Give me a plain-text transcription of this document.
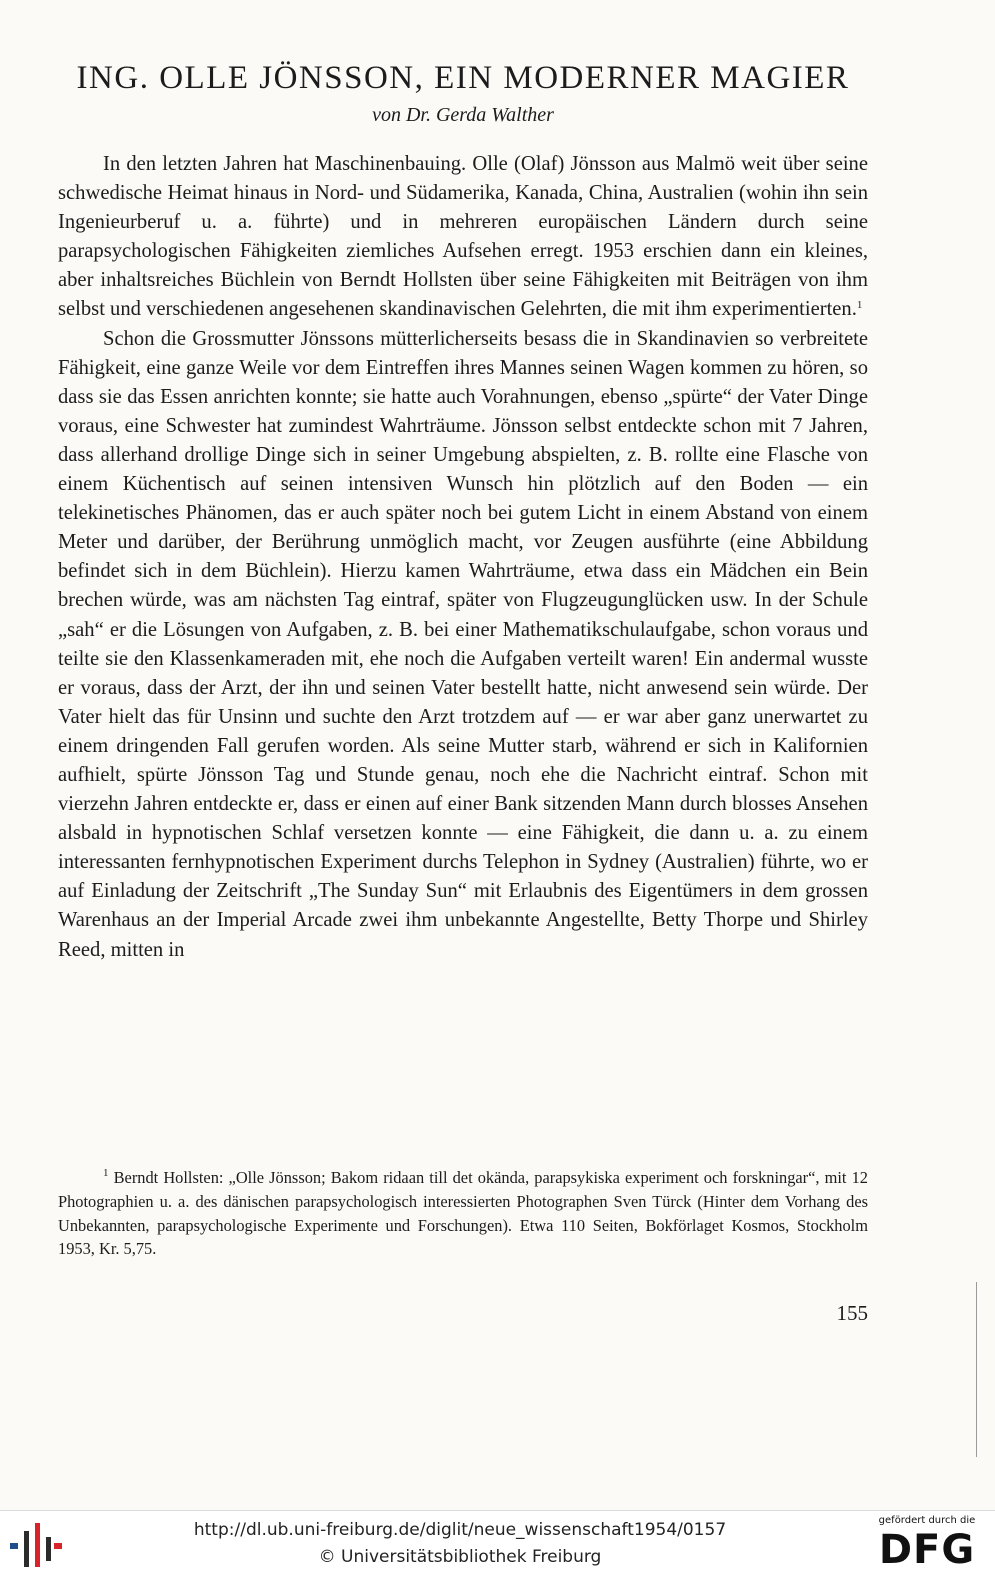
ING. OLLE JÖNSSON, EIN MODERNER MAGIER
von Dr. Gerda Walther

In den letzten Jahren hat Maschinenbauing. Olle (Olaf) Jönsson aus Malmö weit über seine schwedische Heimat hinaus in Nord- und Südamerika, Kanada, China, Australien (wohin ihn sein Ingenieurberuf u. a. führte) und in mehreren europäischen Ländern durch seine parapsychologischen Fähigkeiten ziemliches Aufsehen erregt. 1953 erschien dann ein kleines, aber inhaltsreiches Büchlein von Berndt Hollsten über seine Fähigkeiten mit Beiträgen von ihm selbst und verschiedenen angesehenen skandinavischen Gelehrten, die mit ihm experimentierten.$^1$

Schon die Grossmutter Jönssons mütterlicherseits besass die in Skandinavien so verbreitete Fähigkeit, eine ganze Weile vor dem Eintreffen ihres Mannes seinen Wagen kommen zu hören, so dass sie das Essen anrichten konnte; sie hatte auch Vorahnungen, ebenso „spürte“ der Vater Dinge voraus, eine Schwester hat zumindest Wahrträume. Jönsson selbst entdeckte schon mit 7 Jahren, dass allerhand drollige Dinge sich in seiner Umgebung abspielten, z. B. rollte eine Flasche von einem Küchentisch auf seinen intensiven Wunsch hin plötzlich auf den Boden — ein telekinetisches Phänomen, das er auch später noch bei gutem Licht in einem Abstand von einem Meter und darüber, der Berührung unmöglich macht, vor Zeugen ausführte (eine Abbildung befindet sich in dem Büchlein). Hierzu kamen Wahrträume, etwa dass ein Mädchen ein Bein brechen würde, was am nächsten Tag eintraf, später von Flugzeugunglücken usw. In der Schule „sah“ er die Lösungen von Aufgaben, z. B. bei einer Mathematikschulaufgabe, schon voraus und teilte sie den Klassenkameraden mit, ehe noch die Aufgaben verteilt waren! Ein andermal wusste er voraus, dass der Arzt, der ihn und seinen Vater bestellt hatte, nicht anwesend sein würde. Der Vater hielt das für Unsinn und suchte den Arzt trotzdem auf — er war aber ganz unerwartet zu einem dringenden Fall gerufen worden. Als seine Mutter starb, während er sich in Kalifornien aufhielt, spürte Jönsson Tag und Stunde genau, noch ehe die Nachricht eintraf. Schon mit vierzehn Jahren entdeckte er, dass er einen auf einer Bank sitzenden Mann durch blosses Ansehen alsbald in hypnotischen Schlaf versetzen konnte — eine Fähigkeit, die dann u. a. zu einem interessanten fernhypnotischen Experiment durchs Telephon in Sydney (Australien) führte, wo er auf Einladung der Zeitschrift „The Sunday Sun“ mit Erlaubnis des Eigentümers in dem grossen Warenhaus an der Imperial Arcade zwei ihm unbekannte Angestellte, Betty Thorpe und Shirley Reed, mitten in

$^1$ Berndt Hollsten: „Olle Jönsson; Bakom ridaan till det okända, parapsykiska experiment och forskningar“, mit 12 Photographien u. a. des dänischen parapsychologisch interessierten Photographen Sven Türck (Hinter dem Vorhang des Unbekannten, parapsychologische Experimente und Forschungen). Etwa 110 Seiten, Bokförlaget Kosmos, Stockholm 1953, Kr. 5,75.

155
http://dl.ub.uni-freiburg.de/diglit/neue_wissenschaft1954/0157
© Universitätsbibliothek Freiburg
gefördert durch die
DFG
